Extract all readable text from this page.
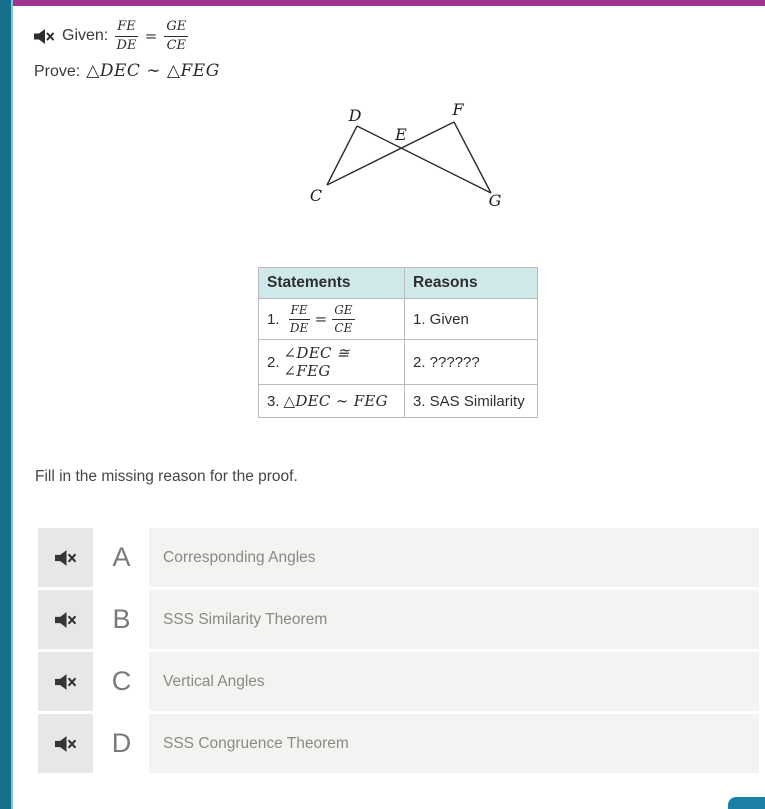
Given: $\frac{FE}{DE} = \frac{GE}{CE}$
Prove: △DEC ∼ △FEG
D	F
E
C	G
Statements	Reasons

1. $\frac{FE}{DE} = \frac{GE}{CE}$	1. Given

2. ∠DEC ≅ ∠FEG	2. ??????

3. △DEC ∼ FEG	3. SAS Similarity
Fill in the missing reason for the proof.
A	Corresponding Angles
B	SSS Similarity Theorem
C	Vertical Angles
D	SSS Congruence Theorem
